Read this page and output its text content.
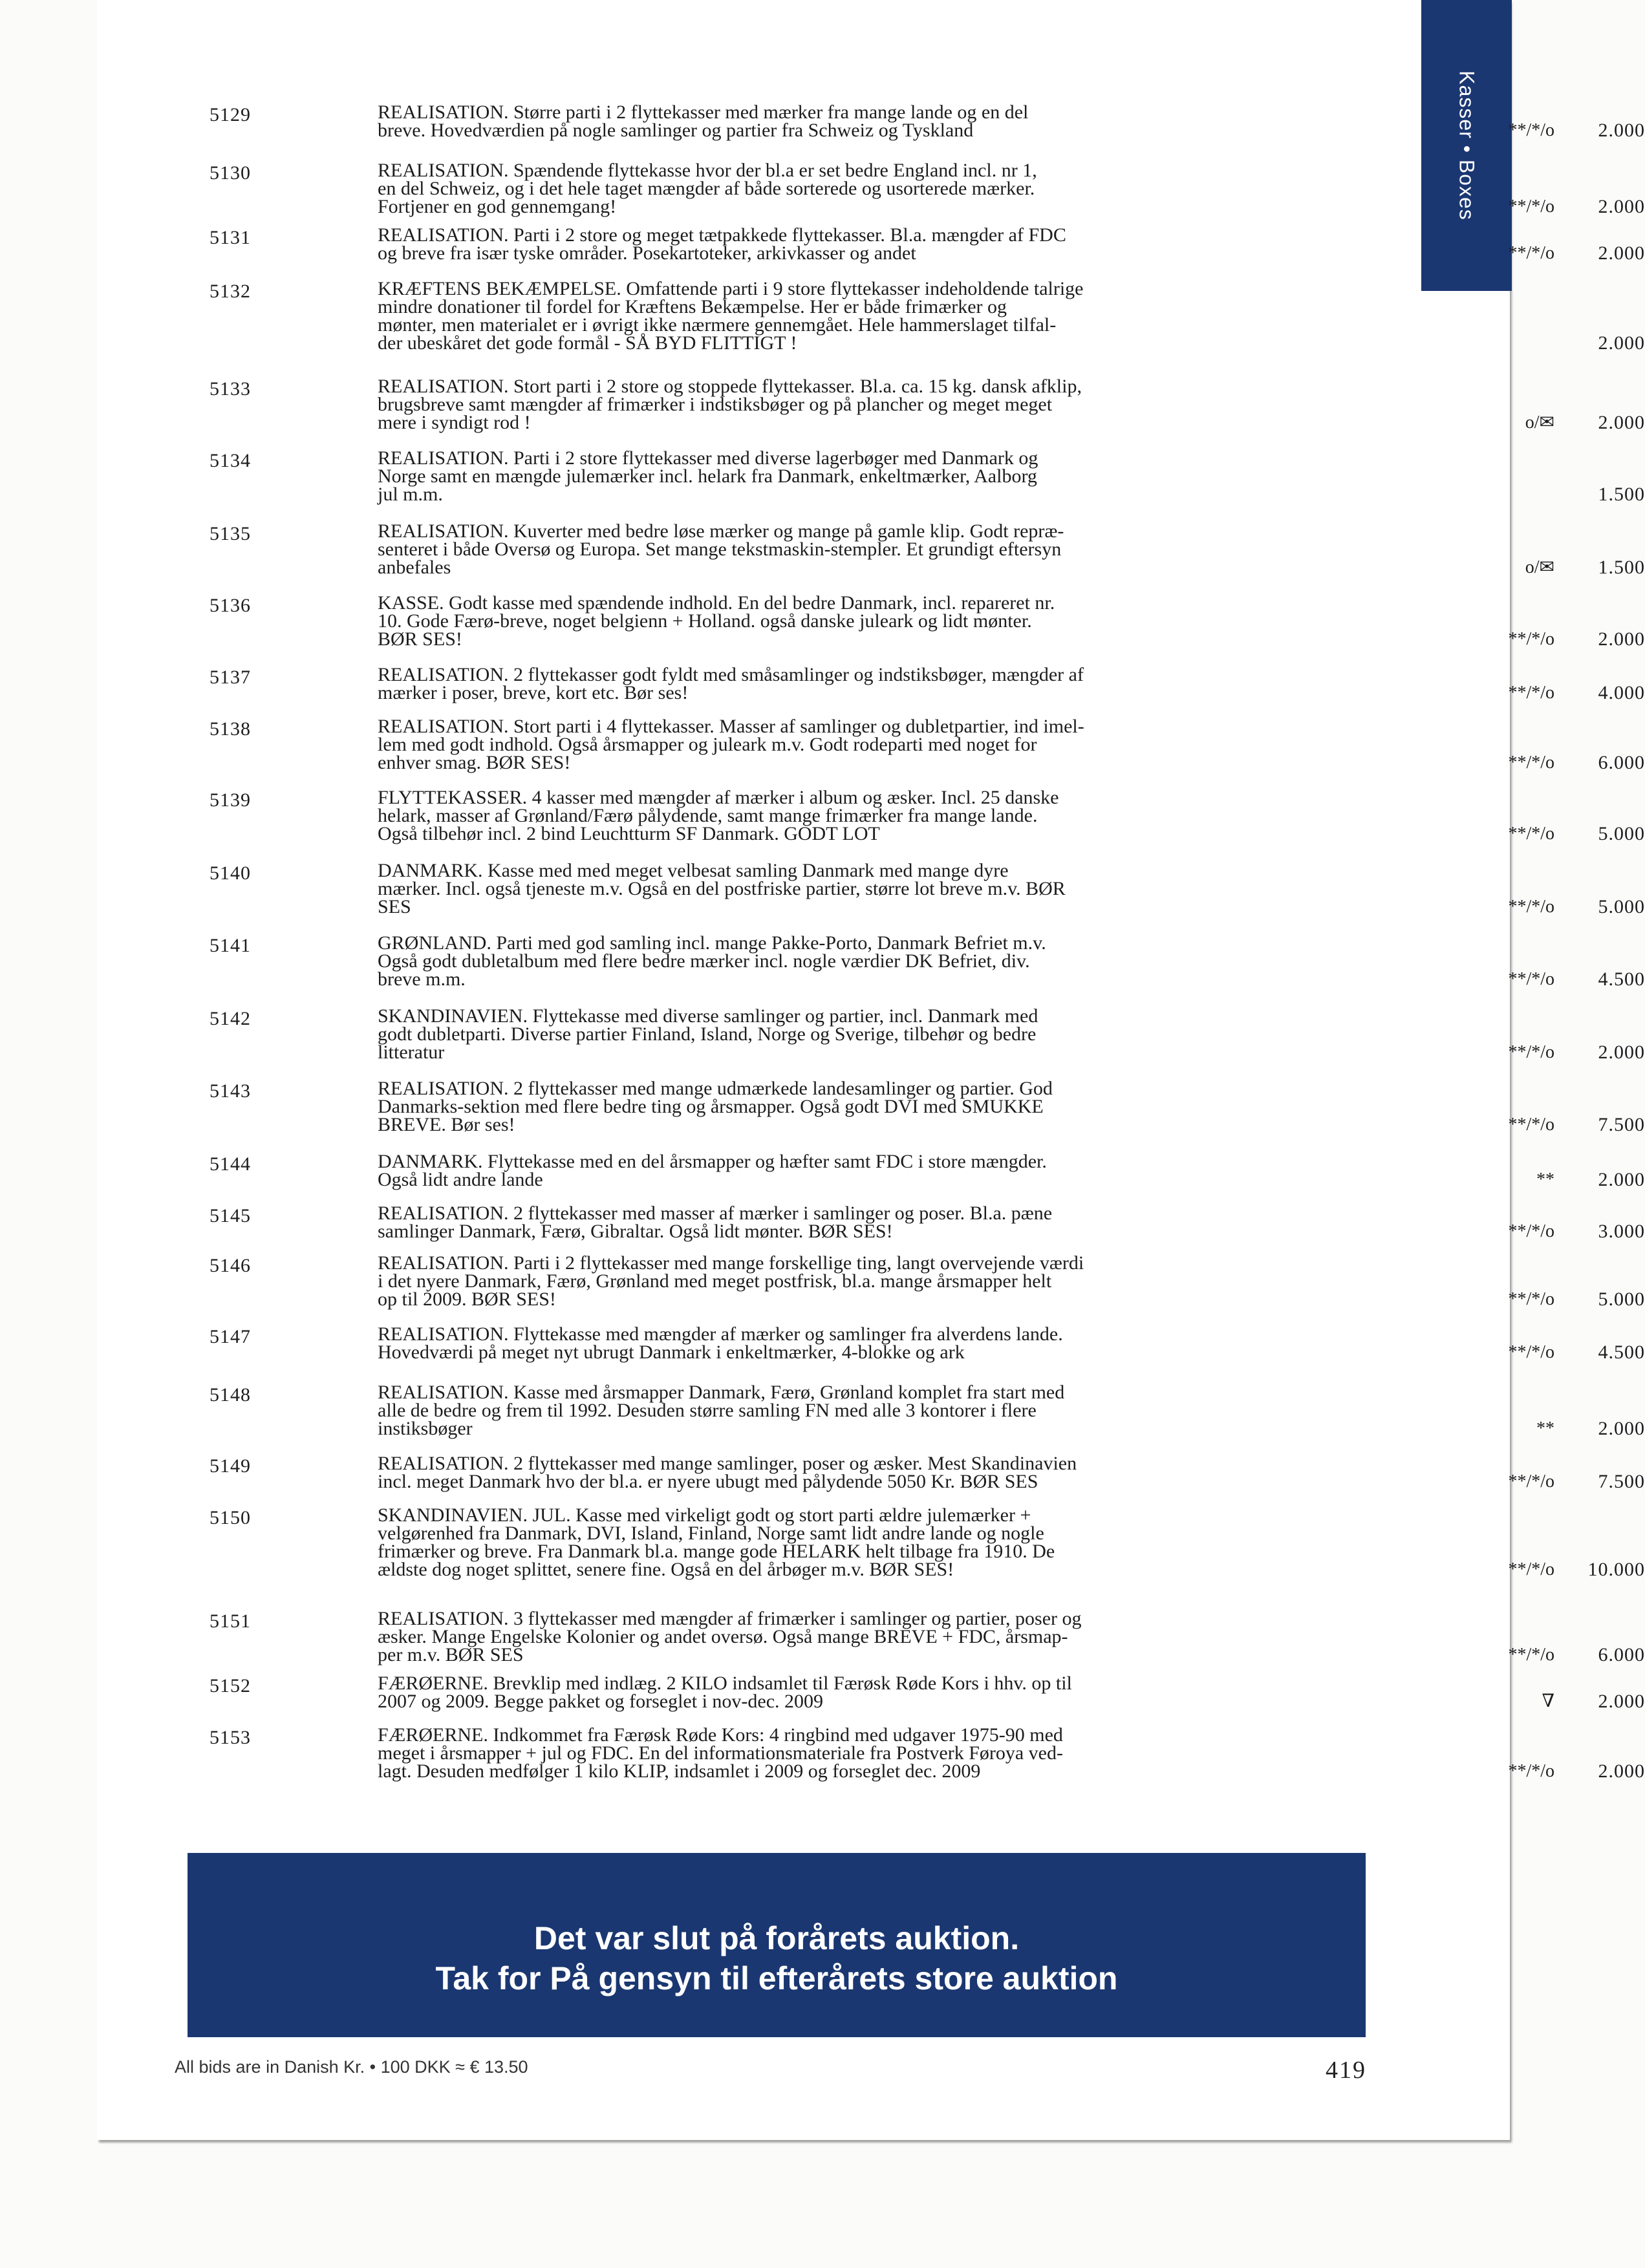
Kasser • Boxes
5129	REALISATION. Større parti i 2 flyttekasser med mærker fra mange lande og en del
breve. Hovedværdien på nogle samlinger og partier fra Schweiz og Tyskland	**/*/o 2.000
5130	REALISATION. Spændende flyttekasse hvor der bl.a er set bedre England incl. nr 1,
en del Schweiz, og i det hele taget mængder af både sorterede og usorterede mærker.
Fortjener en god gennemgang!	**/*/o 2.000
5131	REALISATION. Parti i 2 store og meget tætpakkede flyttekasser. Bl.a. mængder af FDC
og breve fra især tyske områder. Posekartoteker, arkivkasser og andet	**/*/o 2.000
5132	KRÆFTENS BEKÆMPELSE. Omfattende parti i 9 store flyttekasser indeholdende talrige
mindre donationer til fordel for Kræftens Bekæmpelse. Her er både frimærker og
mønter, men materialet er i øvrigt ikke nærmere gennemgået. Hele hammerslaget tilfal-
der ubeskåret det gode formål - SÅ BYD FLITTIGT !	2.000
5133	REALISATION. Stort parti i 2 store og stoppede flyttekasser. Bl.a. ca. 15 kg. dansk afklip,
brugsbreve samt mængder af frimærker i indstiksbøger og på plancher og meget meget
mere i syndigt rod !	o/✉ 2.000
5134	REALISATION. Parti i 2 store flyttekasser med diverse lagerbøger med Danmark og
Norge samt en mængde julemærker incl. helark fra Danmark, enkeltmærker, Aalborg
jul m.m.	1.500
5135	REALISATION. Kuverter med bedre løse mærker og mange på gamle klip. Godt repræ-
senteret i både Oversø og Europa. Set mange tekstmaskin-stempler. Et grundigt eftersyn
anbefales	o/✉ 1.500
5136	KASSE. Godt kasse med spændende indhold. En del bedre Danmark, incl. repareret nr.
10. Gode Færø-breve, noget belgienn + Holland. også danske juleark og lidt mønter.
BØR SES!	**/*/o 2.000
5137	REALISATION. 2 flyttekasser godt fyldt med småsamlinger og indstiksbøger, mængder af
mærker i poser, breve, kort etc. Bør ses!	**/*/o 4.000
5138	REALISATION. Stort parti i 4 flyttekasser. Masser af samlinger og dubletpartier, ind imel-
lem med godt indhold. Også årsmapper og juleark m.v. Godt rodeparti med noget for
enhver smag. BØR SES!	**/*/o 6.000
5139	FLYTTEKASSER. 4 kasser med mængder af mærker i album og æsker. Incl. 25 danske
helark, masser af Grønland/Færø pålydende, samt mange frimærker fra mange lande.
Også tilbehør incl. 2 bind Leuchtturm SF Danmark. GODT LOT	**/*/o 5.000
5140	DANMARK. Kasse med med meget velbesat samling Danmark med mange dyre
mærker. Incl. også tjeneste m.v. Også en del postfriske partier, større lot breve m.v. BØR
SES	**/*/o 5.000
5141	GRØNLAND. Parti med god samling incl. mange Pakke-Porto, Danmark Befriet m.v.
Også godt dubletalbum med flere bedre mærker incl. nogle værdier DK Befriet, div.
breve m.m.	**/*/o 4.500
5142	SKANDINAVIEN. Flyttekasse med diverse samlinger og partier, incl. Danmark med
godt dubletparti. Diverse partier Finland, Island, Norge og Sverige, tilbehør og bedre
litteratur	**/*/o 2.000
5143	REALISATION. 2 flyttekasser med mange udmærkede landesamlinger og partier. God
Danmarks-sektion med flere bedre ting og årsmapper. Også godt DVI med SMUKKE
BREVE. Bør ses!	**/*/o 7.500
5144	DANMARK. Flyttekasse med en del årsmapper og hæfter samt FDC i store mængder.
Også lidt andre lande	** 2.000
5145	REALISATION. 2 flyttekasser med masser af mærker i samlinger og poser. Bl.a. pæne
samlinger Danmark, Færø, Gibraltar. Også lidt mønter. BØR SES!	**/*/o 3.000
5146	REALISATION. Parti i 2 flyttekasser med mange forskellige ting, langt overvejende værdi
i det nyere Danmark, Færø, Grønland med meget postfrisk, bl.a. mange årsmapper helt
op til 2009. BØR SES!	**/*/o 5.000
5147	REALISATION. Flyttekasse med mængder af mærker og samlinger fra alverdens lande.
Hovedværdi på meget nyt ubrugt Danmark i enkeltmærker, 4-blokke og ark	**/*/o 4.500
5148	REALISATION. Kasse med årsmapper Danmark, Færø, Grønland komplet fra start med
alle de bedre og frem til 1992. Desuden større samling FN med alle 3 kontorer i flere
instiksbøger	** 2.000
5149	REALISATION. 2 flyttekasser med mange samlinger, poser og æsker. Mest Skandinavien
incl. meget Danmark hvo der bl.a. er nyere ubugt med pålydende 5050 Kr. BØR SES	**/*/o 7.500
5150	SKANDINAVIEN. JUL. Kasse med virkeligt godt og stort parti ældre julemærker +
velgørenhed fra Danmark, DVI, Island, Finland, Norge samt lidt andre lande og nogle
frimærker og breve. Fra Danmark bl.a. mange gode HELARK helt tilbage fra 1910. De
ældste dog noget splittet, senere fine. Også en del årbøger m.v. BØR SES!	**/*/o 10.000
5151	REALISATION. 3 flyttekasser med mængder af frimærker i samlinger og partier, poser og
æsker. Mange Engelske Kolonier og andet oversø. Også mange BREVE + FDC, årsmap-
per m.v. BØR SES	**/*/o 6.000
5152	FÆRØERNE. Brevklip med indlæg. 2 KILO indsamlet til Færøsk Røde Kors i hhv. op til
2007 og 2009. Begge pakket og forseglet i nov-dec. 2009	∇ 2.000
5153	FÆRØERNE. Indkommet fra Færøsk Røde Kors: 4 ringbind med udgaver 1975-90 med
meget i årsmapper + jul og FDC. En del informationsmateriale fra Postverk Føroya ved-
lagt. Desuden medfølger 1 kilo KLIP, indsamlet i 2009 og forseglet dec. 2009	**/*/o 2.000
Det var slut på forårets auktion.
Tak for På gensyn til efterårets store auktion
All bids are in Danish Kr. • 100 DKK ≈ € 13.50	419
